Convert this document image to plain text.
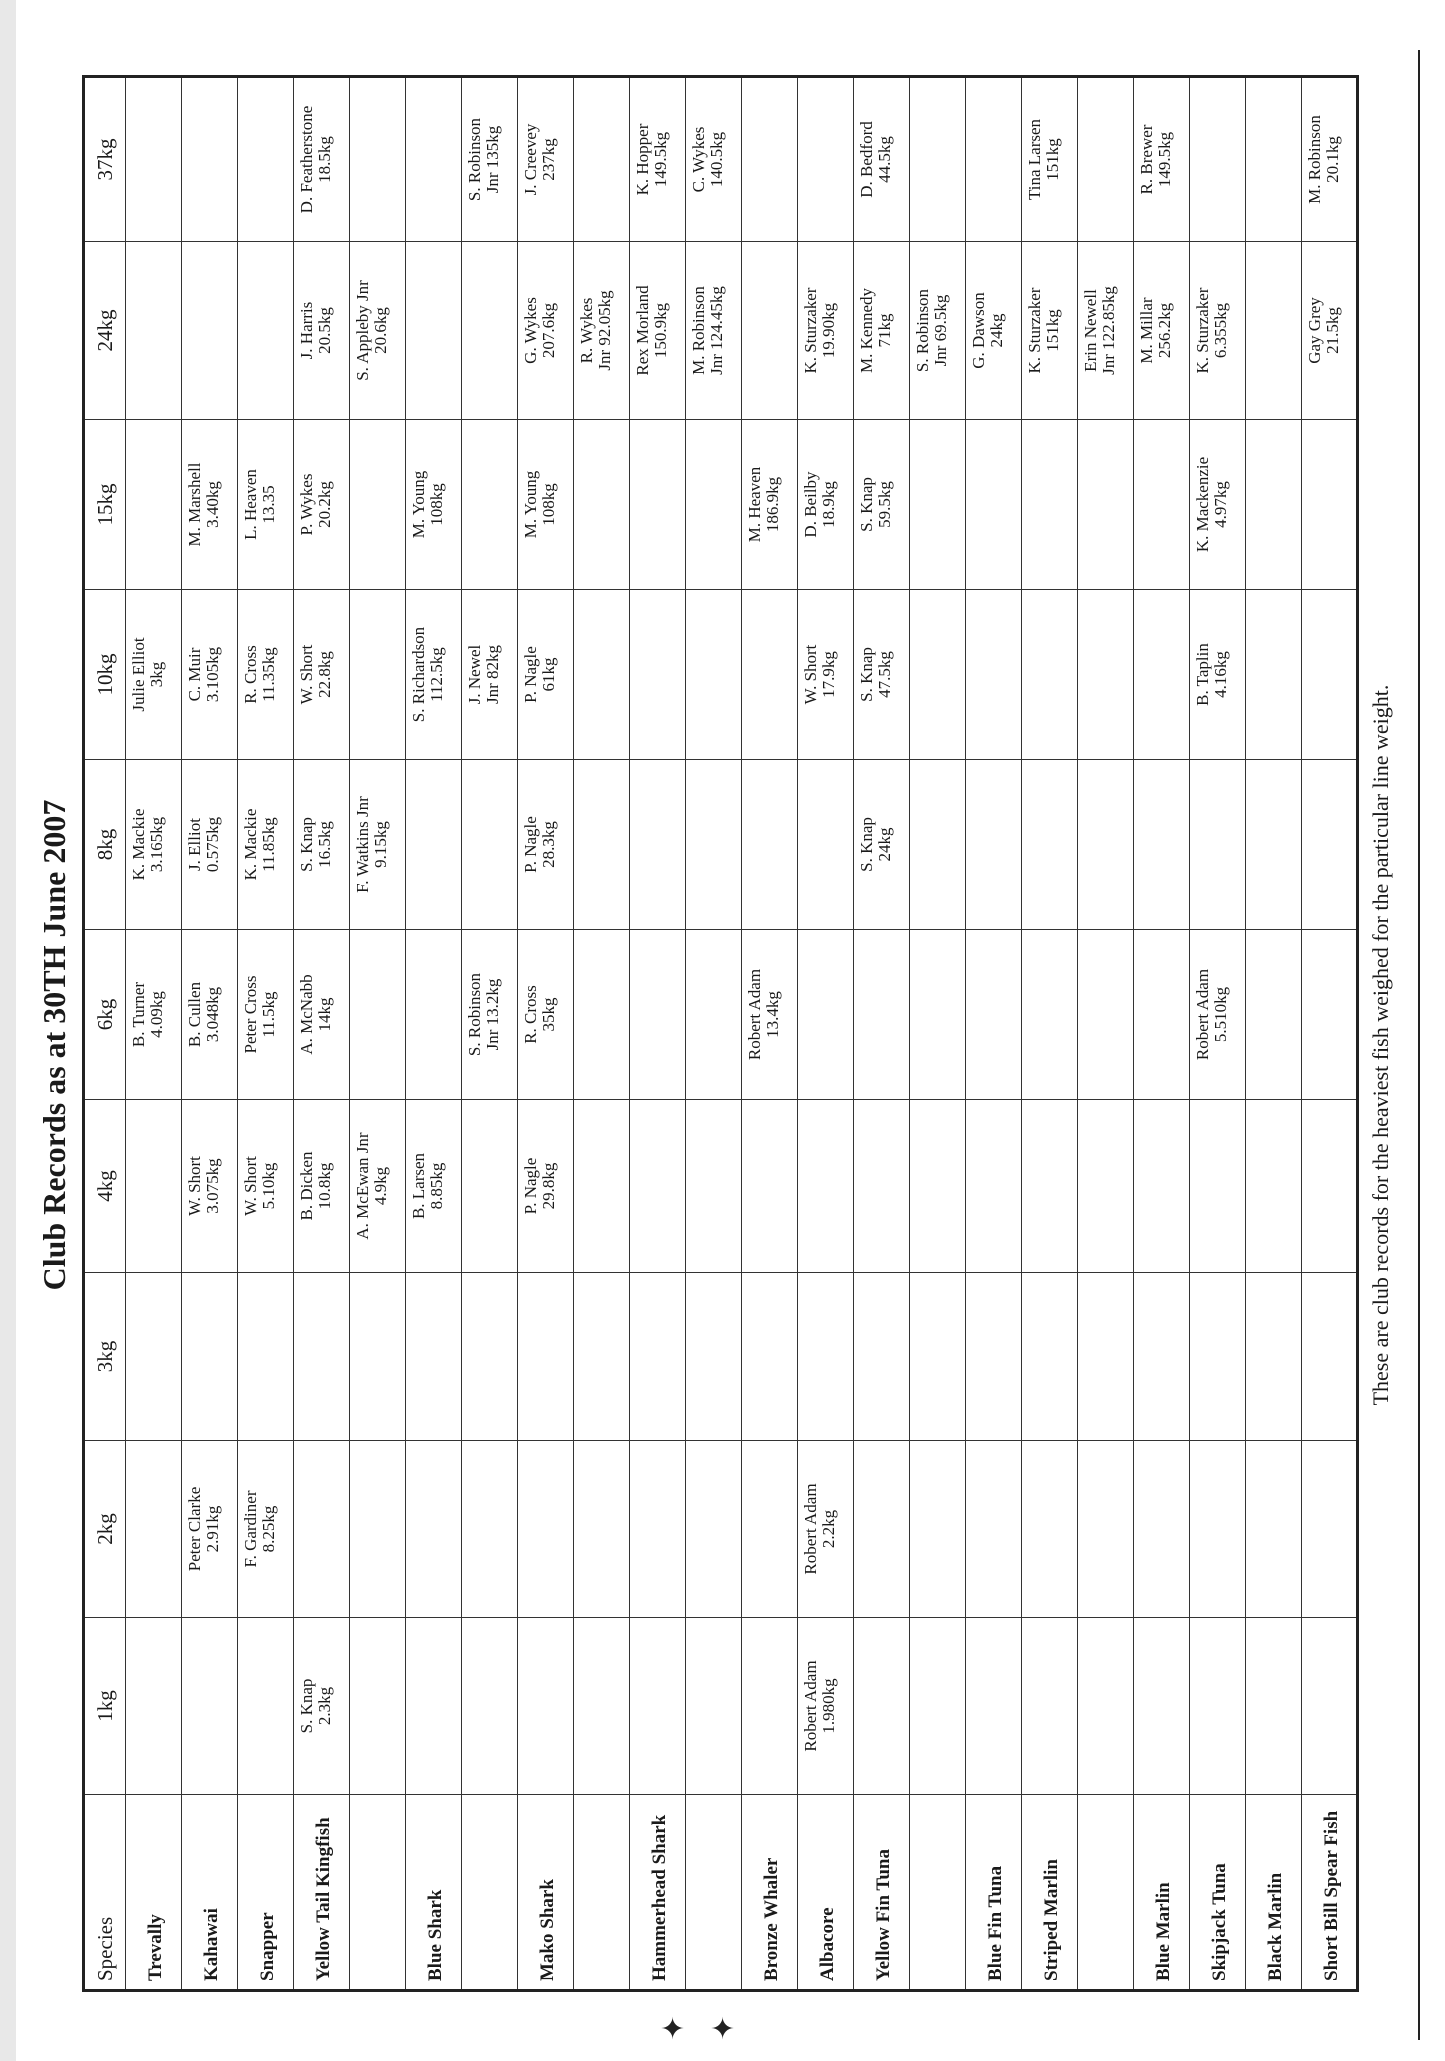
Club Records as at 30TH June 2007
Species	1kg	2kg	3kg	4kg	6kg	8kg	10kg	15kg	24kg	37kg
Trevally					B. Turner 4.09kg	K. Mackie 3.165kg	Julie Elliot 3kg			

Kahawai		Peter Clarke 2.91kg		W. Short 3.075kg	B. Cullen 3.048kg	J. Elliot 0.575kg	C. Muir 3.105kg	M. Marshell 3.40kg		

Snapper		F. Gardiner 8.25kg		W. Short 5.10kg	Peter Cross 11.5kg	K. Mackie 11.85kg	R. Cross 11.35kg	L. Heaven 13.35		

Yellow Tail Kingfish	S. Knap 2.3kg			B. Dicken 10.8kg	A. McNabb 14kg	S. Knap 16.5kg	W. Short 22.8kg	P. Wykes 20.2kg	J. Harris 20.5kg	D. Featherstone 18.5kg

				A. McEwan Jnr 4.9kg		F. Watkins Jnr 9.15kg			S. Appleby Jnr 20.6kg	

Blue Shark				B. Larsen 8.85kg			S. Richardson 112.5kg	M. Young 108kg		

					S. Robinson Jnr 13.2kg		J. Newel Jnr 82kg			S. Robinson Jnr 135kg

Mako Shark				P. Nagle 29.8kg	R. Cross 35kg	P. Nagle 28.3kg	P. Nagle 61kg	M. Young 108kg	G. Wykes 207.6kg	J. Creevey 237kg

									R. Wykes Jnr 92.05kg	

Hammerhead Shark									Rex Morland 150.9kg	K. Hopper 149.5kg

									M. Robinson Jnr 124.45kg	C. Wykes 140.5kg

Bronze Whaler					Robert Adam 13.4kg			M. Heaven 186.9kg		

Albacore	Robert Adam 1.980kg	Robert Adam 2.2kg					W. Short 17.9kg	D. Beilby 18.9kg	K. Sturzaker 19.90kg	

Yellow Fin Tuna						S. Knap 24kg	S. Knap 47.5kg	S. Knap 59.5kg	M. Kennedy 71kg	D. Bedford 44.5kg

									S. Robinson Jnr 69.5kg	

Blue Fin Tuna									G. Dawson 24kg	

Striped Marlin									K. Sturzaker 151kg	Tina Larsen 151kg

									Erin Newell Jnr 122.85kg	

Blue Marlin									M. Millar 256.2kg	R. Brewer 149.5kg

Skipjack Tuna					Robert Adam 5.510kg		B. Taplin 4.16kg	K. Mackenzie 4.97kg	K. Sturzaker 6.355kg	

Black Marlin										
Short Bill Spear Fish									Gay Grey 21.5kg	M. Robinson 20.1kg
These are club records for the heaviest fish weighed for the particular line weight.
✦ ✦
